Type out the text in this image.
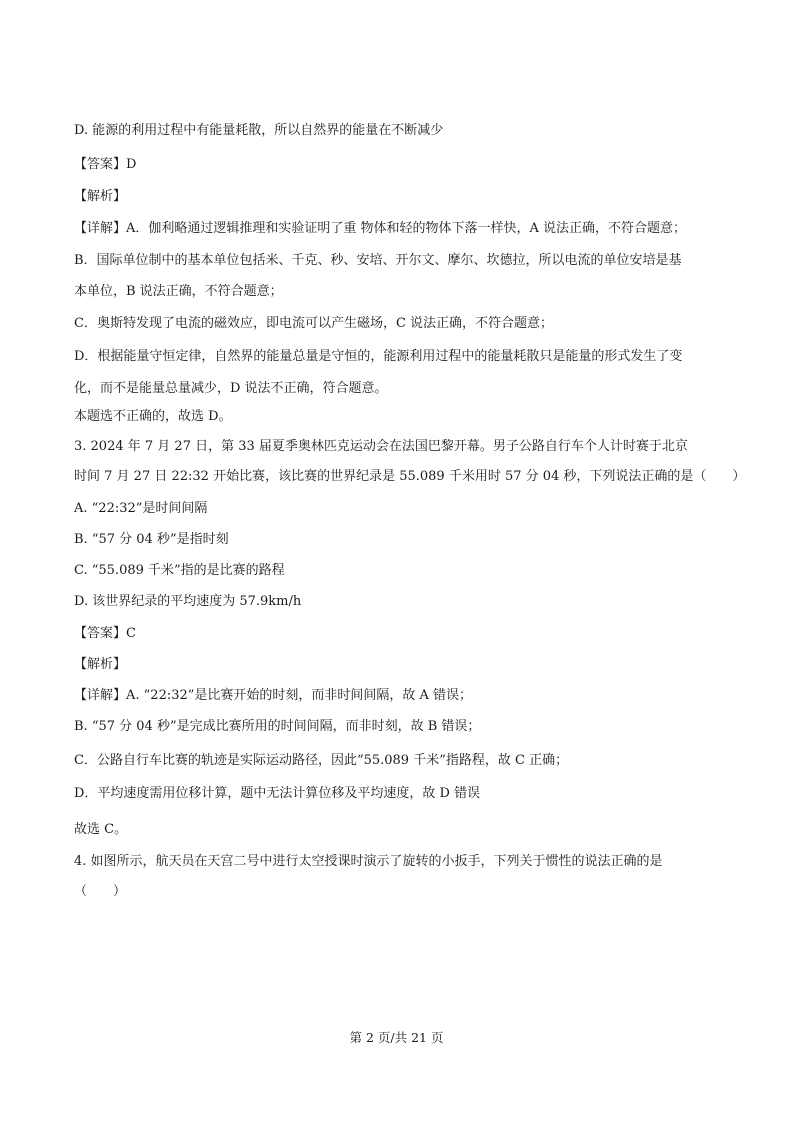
D. 能源的利用过程中有能量耗散，所以自然界的能量在不断减少
【答案】D
【解析】
【详解】A．伽利略通过逻辑推理和实验证明了重 物体和轻的物体下落一样快，A 说法正确，不符合题意；
B．国际单位制中的基本单位包括米、千克、秒、安培、开尔文、摩尔、坎德拉，所以电流的单位安培是基
本单位，B 说法正确，不符合题意；
C．奥斯特发现了电流的磁效应，即电流可以产生磁场，C 说法正确，不符合题意；
D．根据能量守恒定律，自然界的能量总量是守恒的，能源利用过程中的能量耗散只是能量的形式发生了变
化，而不是能量总量减少，D 说法不正确，符合题意。
本题选不正确的，故选 D。
3. 2024 年 7 月 27 日，第 33 届夏季奥林匹克运动会在法国巴黎开幕。男子公路自行车个人计时赛于北京
时间 7 月 27 日 22:32 开始比赛，该比赛的世界纪录是 55.089 千米用时 57 分 04 秒，下列说法正确的是（　　）
A. “22:32”是时间间隔
B. “57 分 04 秒”是指时刻
C. “55.089 千米”指的是比赛的路程
D. 该世界纪录的平均速度为 57.9km/h
【答案】C
【解析】
【详解】A. “22:32”是比赛开始的时刻，而非时间间隔，故 A 错误；
B. “57 分 04 秒”是完成比赛所用的时间间隔，而非时刻，故 B 错误；
C．公路自行车比赛的轨迹是实际运动路径，因此“55.089 千米”指路程，故 C 正确；
D．平均速度需用位移计算，题中无法计算位移及平均速度，故 D 错误
故选 C。
4. 如图所示，航天员在天宫二号中进行太空授课时演示了旋转的小扳手，下列关于惯性的说法正确的是
（　　）
第 2 页/共 21 页
